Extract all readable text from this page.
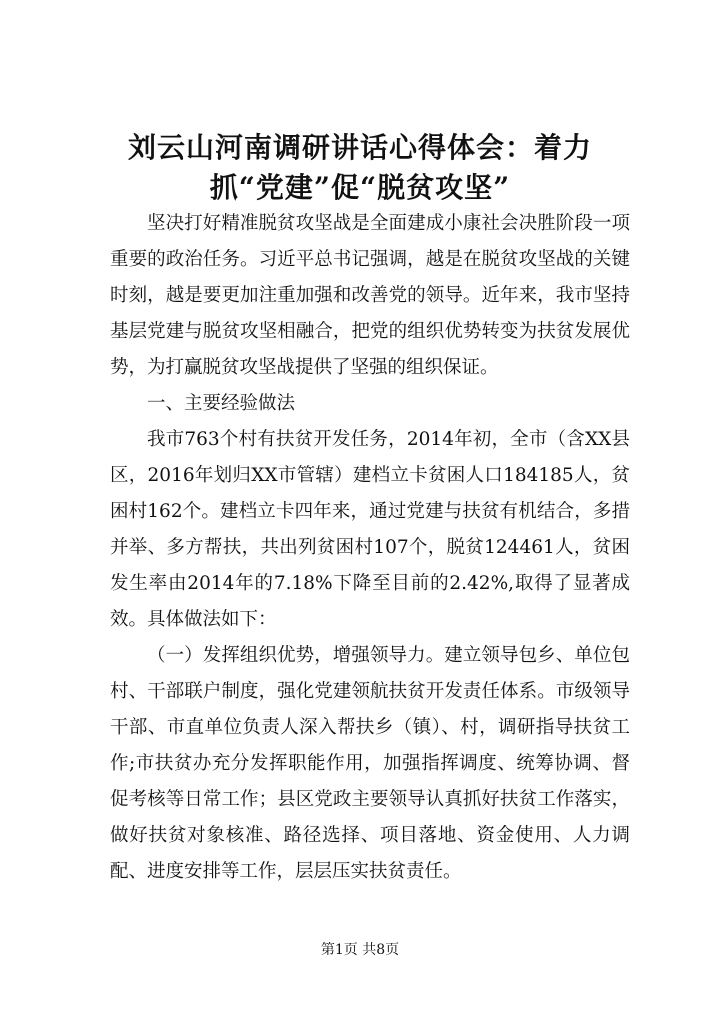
刘云山河南调研讲话心得体会：着力抓“党建”促“脱贫攻坚”

坚决打好精准脱贫攻坚战是全面建成小康社会决胜阶段一项重要的政治任务。习近平总书记强调，越是在脱贫攻坚战的关键时刻，越是要更加注重加强和改善党的领导。近年来，我市坚持基层党建与脱贫攻坚相融合，把党的组织优势转变为扶贫发展优势，为打赢脱贫攻坚战提供了坚强的组织保证。

一、主要经验做法

我市763个村有扶贫开发任务，2014年初，全市（含XX县区，2016年划归XX市管辖）建档立卡贫困人口184185人，贫困村162个。建档立卡四年来，通过党建与扶贫有机结合，多措并举、多方帮扶，共出列贫困村107个，脱贫124461人，贫困发生率由2014年的7.18%下降至目前的2.42%,取得了显著成效。具体做法如下：

（一）发挥组织优势，增强领导力。建立领导包乡、单位包村、干部联户制度，强化党建领航扶贫开发责任体系。市级领导干部、市直单位负责人深入帮扶乡（镇）、村，调研指导扶贫工作;市扶贫办充分发挥职能作用，加强指挥调度、统筹协调、督促考核等日常工作；县区党政主要领导认真抓好扶贫工作落实，做好扶贫对象核准、路径选择、项目落地、资金使用、人力调配、进度安排等工作，层层压实扶贫责任。

第1页 共8页
